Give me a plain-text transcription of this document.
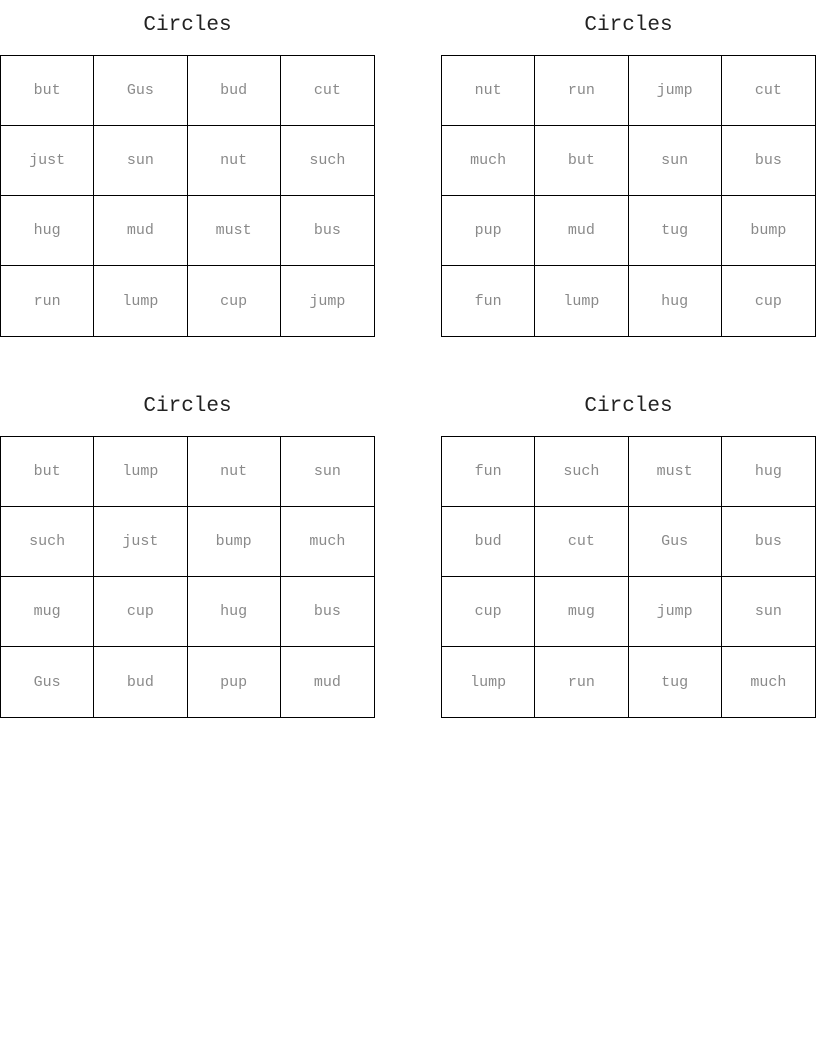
Circles
but	Gus	bud	cut
just	sun	nut	such
hug	mud	must	bus
run	lump	cup	jump
Circles
nut	run	jump	cut
much	but	sun	bus
pup	mud	tug	bump
fun	lump	hug	cup
Circles
but	lump	nut	sun
such	just	bump	much
mug	cup	hug	bus
Gus	bud	pup	mud
Circles
fun	such	must	hug
bud	cut	Gus	bus
cup	mug	jump	sun
lump	run	tug	much
